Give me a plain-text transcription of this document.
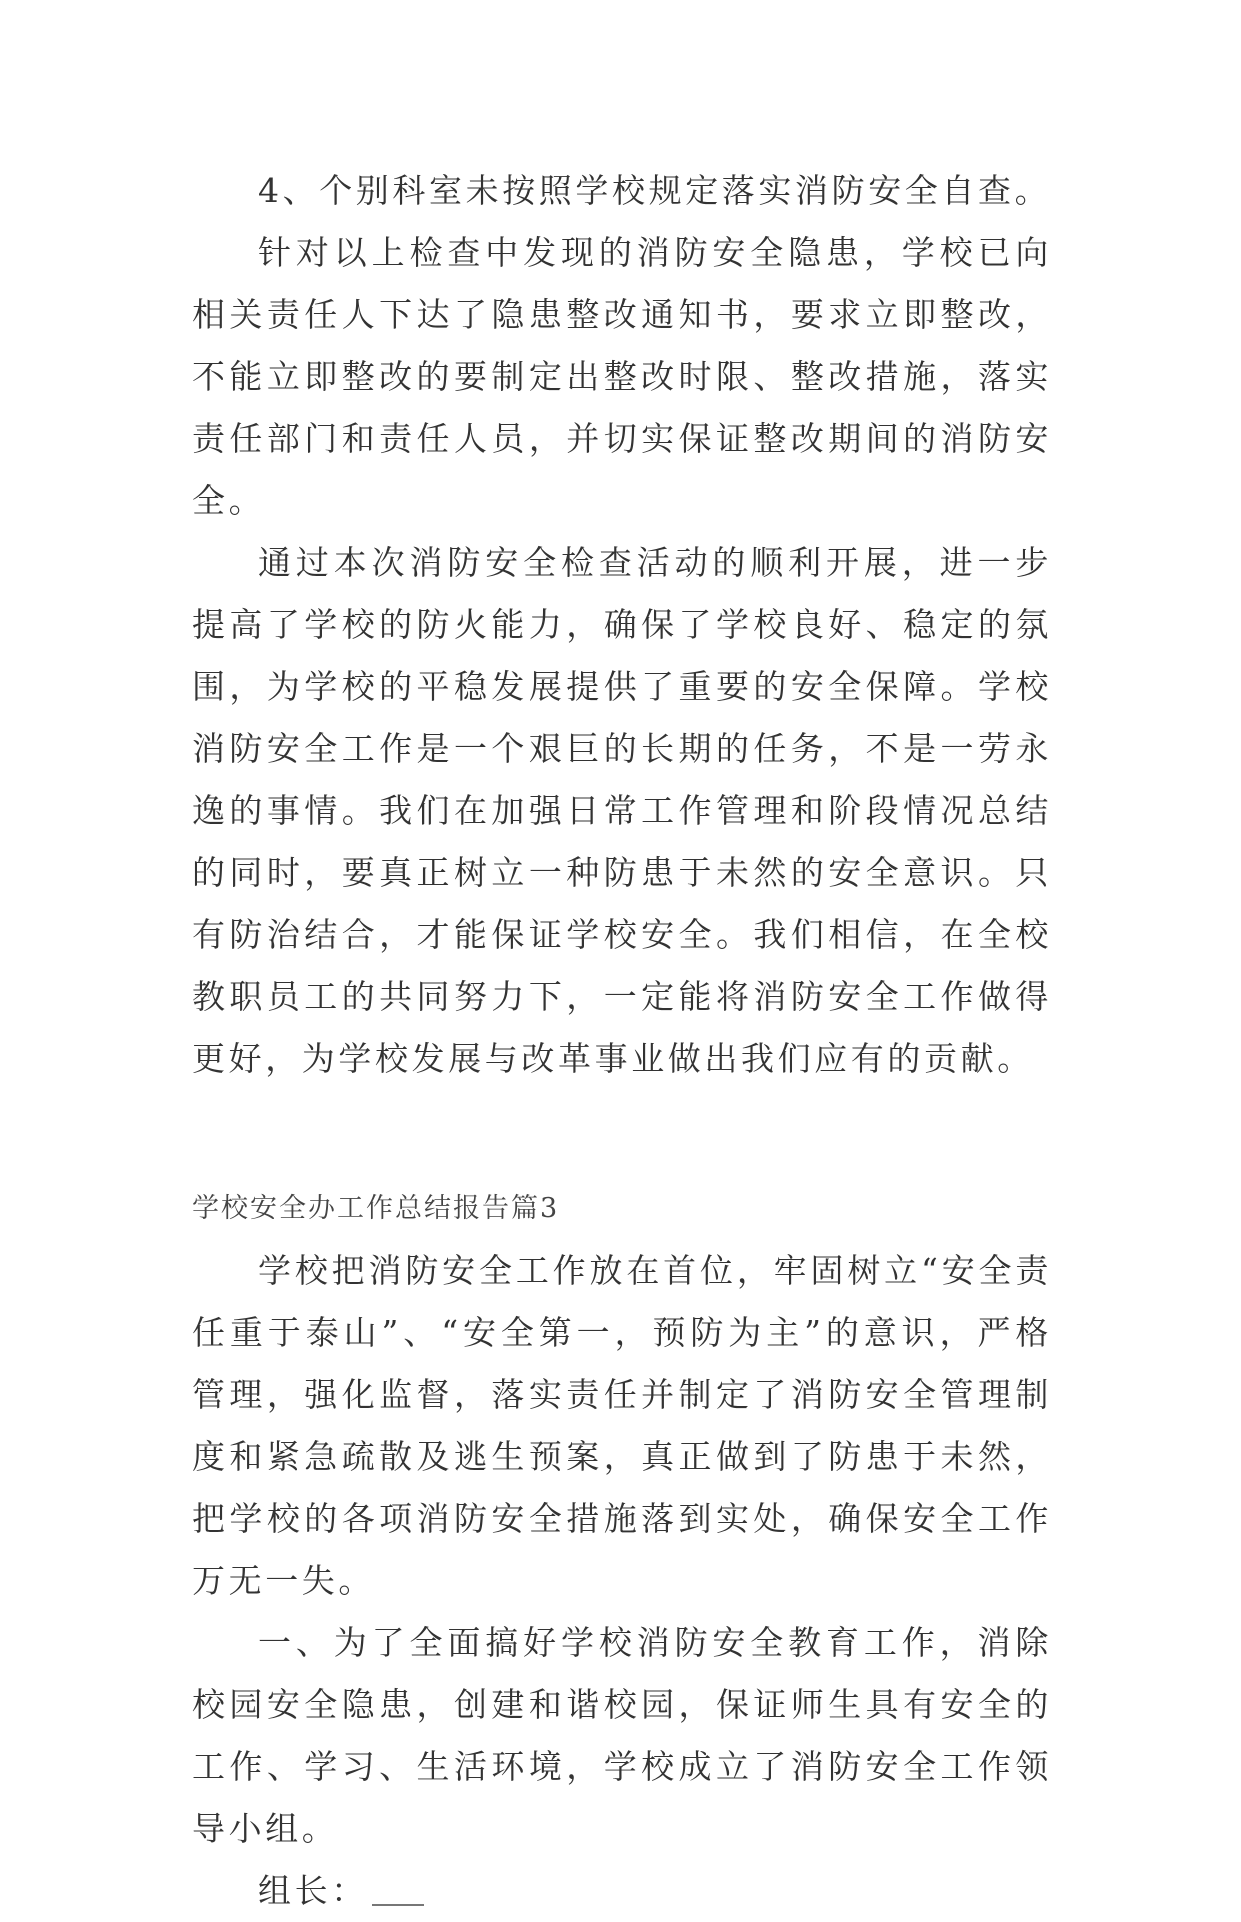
4、个别科室未按照学校规定落实消防安全自查。

针对以上检查中发现的消防安全隐患，学校已向相关责任人下达了隐患整改通知书，要求立即整改，不能立即整改的要制定出整改时限、整改措施，落实责任部门和责任人员，并切实保证整改期间的消防安全。

通过本次消防安全检查活动的顺利开展，进一步提高了学校的防火能力，确保了学校良好、稳定的氛围，为学校的平稳发展提供了重要的安全保障。学校消防安全工作是一个艰巨的长期的任务，不是一劳永逸的事情。我们在加强日常工作管理和阶段情况总结的同时，要真正树立一种防患于未然的安全意识。只有防治结合，才能保证学校安全。我们相信，在全校教职员工的共同努力下，一定能将消防安全工作做得更好，为学校发展与改革事业做出我们应有的贡献。

学校安全办工作总结报告篇3

学校把消防安全工作放在首位，牢固树立“安全责任重于泰山”、“安全第一，预防为主”的意识，严格管理，强化监督，落实责任并制定了消防安全管理制度和紧急疏散及逃生预案，真正做到了防患于未然，把学校的各项消防安全措施落到实处，确保安全工作万无一失。

一、为了全面搞好学校消防安全教育工作，消除校园安全隐患，创建和谐校园，保证师生具有安全的工作、学习、生活环境，学校成立了消防安全工作领导小组。

组长：
